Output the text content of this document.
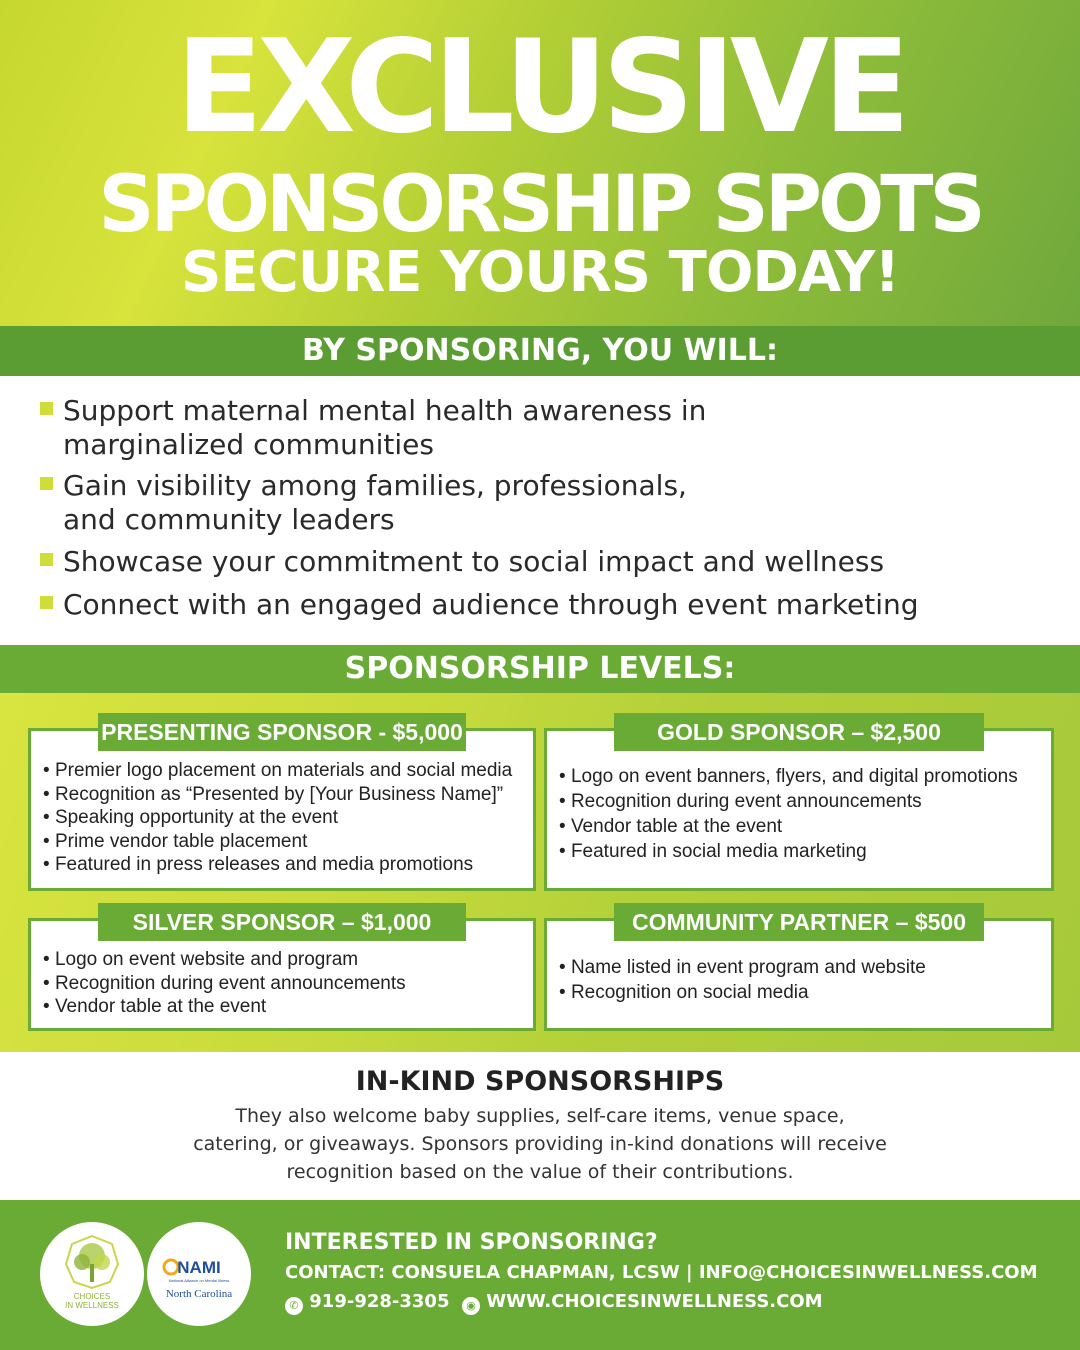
EXCLUSIVE
SPONSORSHIP SPOTS
SECURE YOURS TODAY!
BY SPONSORING, YOU WILL:
Support maternal mental health awareness in
marginalized communities
Gain visibility among families, professionals,
and community leaders
Showcase your commitment to social impact and wellness
Connect with an engaged audience through event marketing
SPONSORSHIP LEVELS:
• Premier logo placement on materials and social media
• Recognition as “Presented by [Your Business Name]”
• Speaking opportunity at the event
• Prime vendor table placement
• Featured in press releases and media promotions
PRESENTING SPONSOR - $5,000
• Logo on event banners, flyers, and digital promotions
• Recognition during event announcements
• Vendor table at the event
• Featured in social media marketing
GOLD SPONSOR – $2,500
• Logo on event website and program
• Recognition during event announcements
• Vendor table at the event
SILVER SPONSOR – $1,000
• Name listed in event program and website
• Recognition on social media
COMMUNITY PARTNER – $500
IN-KIND SPONSORSHIPS
They also welcome baby supplies, self-care items, venue space,
catering, or giveaways. Sponsors providing in-kind donations will receive
recognition based on the value of their contributions.
CHOICES
IN WELLNESS
NAMI
National Alliance on Mental Illness
North Carolina
INTERESTED IN SPONSORING?
CONTACT: CONSUELA CHAPMAN, LCSW | INFO@CHOICESINWELLNESS.COM
✆ 919-928-3305 ◉ WWW.CHOICESINWELLNESS.COM
